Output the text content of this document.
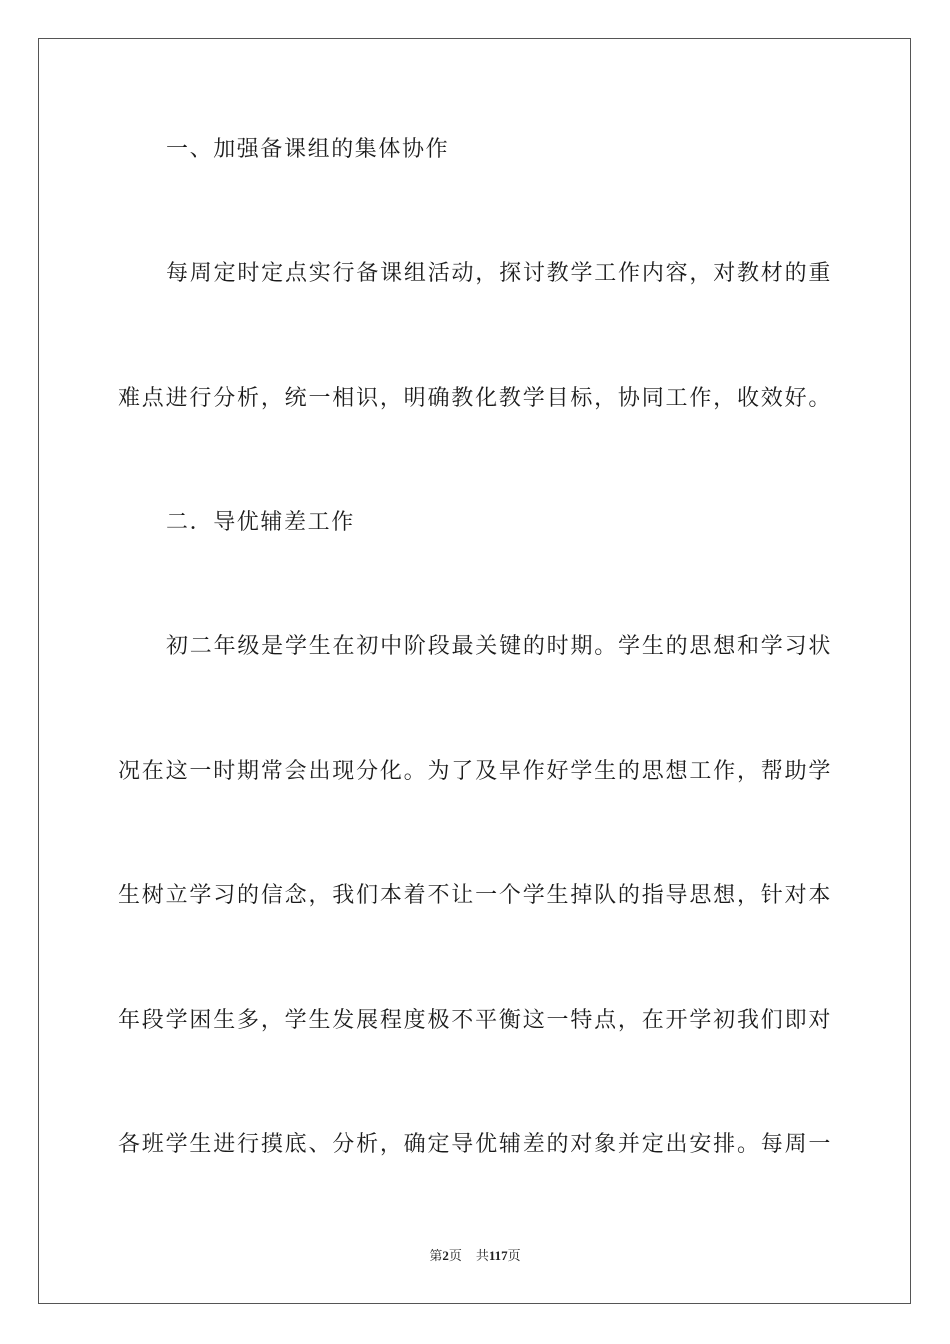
一、加强备课组的集体协作
每周定时定点实行备课组活动，探讨教学工作内容，对教材的重
难点进行分析，统一相识，明确教化教学目标，协同工作，收效好。
二．导优辅差工作
初二年级是学生在初中阶段最关键的时期。学生的思想和学习状
况在这一时期常会出现分化。为了及早作好学生的思想工作，帮助学
生树立学习的信念，我们本着不让一个学生掉队的指导思想，针对本
年段学困生多，学生发展程度极不平衡这一特点，在开学初我们即对
各班学生进行摸底、分析，确定导优辅差的对象并定出安排。每周一
第2页 共117页
